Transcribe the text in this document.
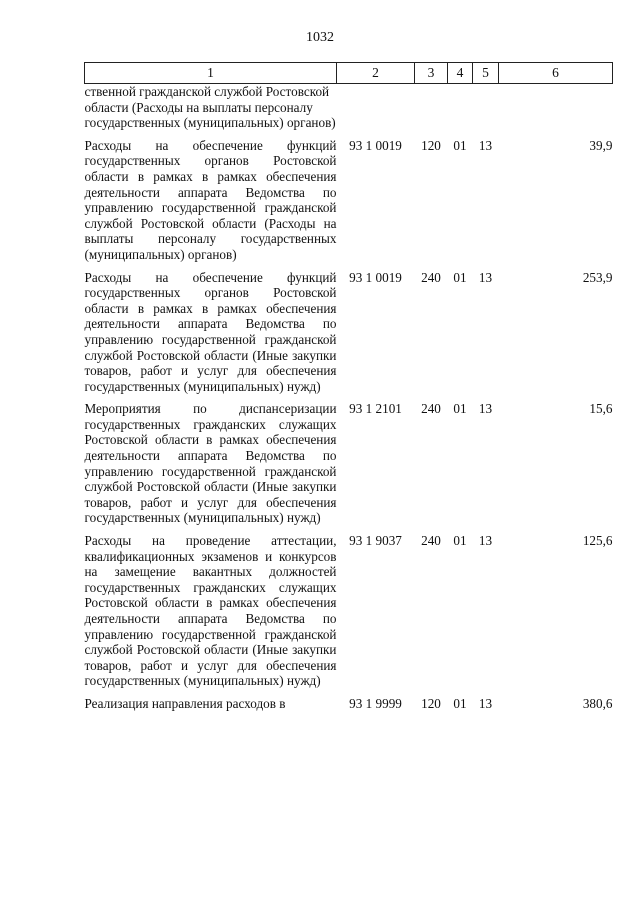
1032
1	2	3	4	5	6
ственной гражданской службой Ростовской области (Расходы на выплаты персоналу государственных (муниципальных) органов)					
Расходы на обеспечение функций государственных органов Ростовской области в рамках в рамках обеспечения деятельности аппарата Ведомства по управлению государственной гражданской службой Ростовской области (Расходы на выплаты персоналу государственных (муниципальных) органов)	93 1 0019	120	01	13	39,9
Расходы на обеспечение функций государственных органов Ростовской области в рамках в рамках обеспечения деятельности аппарата Ведомства по управлению государственной гражданской службой Ростовской области (Иные закупки товаров, работ и услуг для обеспечения государственных (муниципальных) нужд)	93 1 0019	240	01	13	253,9
Мероприятия по диспансеризации государственных гражданских служащих Ростовской области в рамках обеспечения деятельности аппарата Ведомства по управлению государственной гражданской службой Ростовской области (Иные закупки товаров, работ и услуг для обеспечения государственных (муниципальных) нужд)	93 1 2101	240	01	13	15,6
Расходы на проведение аттестации, квалификационных экзаменов и конкурсов на замещение вакантных должностей государственных гражданских служащих Ростовской области в рамках обеспечения деятельности аппарата Ведомства по управлению государственной гражданской службой Ростовской области (Иные закупки товаров, работ и услуг для обеспечения государственных (муниципальных) нужд)	93 1 9037	240	01	13	125,6
Реализация направления расходов в	93 1 9999	120	01	13	380,6
